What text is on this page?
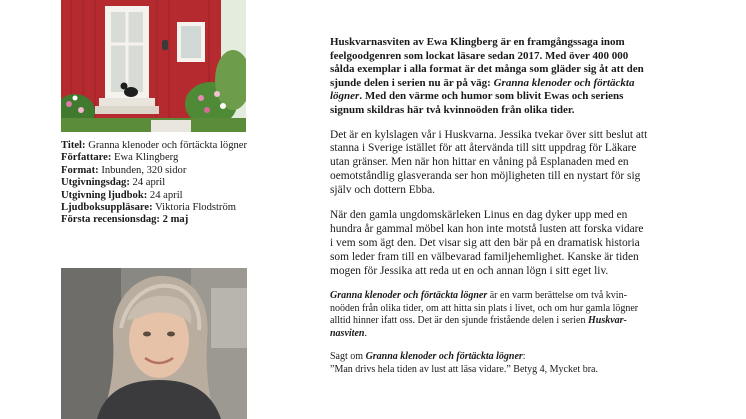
Titel: Granna klenoder och förtäckta lögner
Författare: Ewa Klingberg
Format: Inbunden, 320 sidor
Utgivningsdag: 24 april
Utgivning ljudbok: 24 april
Ljudboksuppläsare: Viktoria Flodström
Första recensionsdag: 2 maj

Huskvarnasviten av Ewa Klingberg är en framgångssaga inom
feelgoodgenren som lockat läsare sedan 2017. Med över 400 000
sålda exemplar i alla format är det många som gläder sig åt att den
sjunde delen i serien nu är på väg: Granna klenoder och förtäckta
lögner. Med den värme och humor som blivit Ewas och seriens
signum skildras här två kvinnoöden från olika tider.

Det är en kylslagen vår i Huskvarna. Jessika tvekar över sitt beslut att
stanna i Sverige istället för att återvända till sitt uppdrag för Läkare
utan gränser. Men när hon hittar en våning på Esplanaden med en
oemotståndlig glasveranda ser hon möjligheten till en nystart för sig
själv och dottern Ebba.

När den gamla ungdomskärleken Linus en dag dyker upp med en
hundra år gammal möbel kan hon inte motstå lusten att forska vidare
i vem som ägt den. Det visar sig att den bär på en dramatisk historia
som leder fram till en välbevarad familjehemlighet. Kanske är tiden
mogen för Jessika att reda ut en och annan lögn i sitt eget liv.

Granna klenoder och förtäckta lögner är en varm berättelse om två kvin-
noöden från olika tider, om att hitta sin plats i livet, och om hur gamla lögner
alltid hinner ifatt oss. Det är den sjunde fristående delen i serien Huskvar-
nasviten.

Sagt om Granna klenoder och förtäckta lögner:
”Man drivs hela tiden av lust att läsa vidare.” Betyg 4, Mycket bra.
